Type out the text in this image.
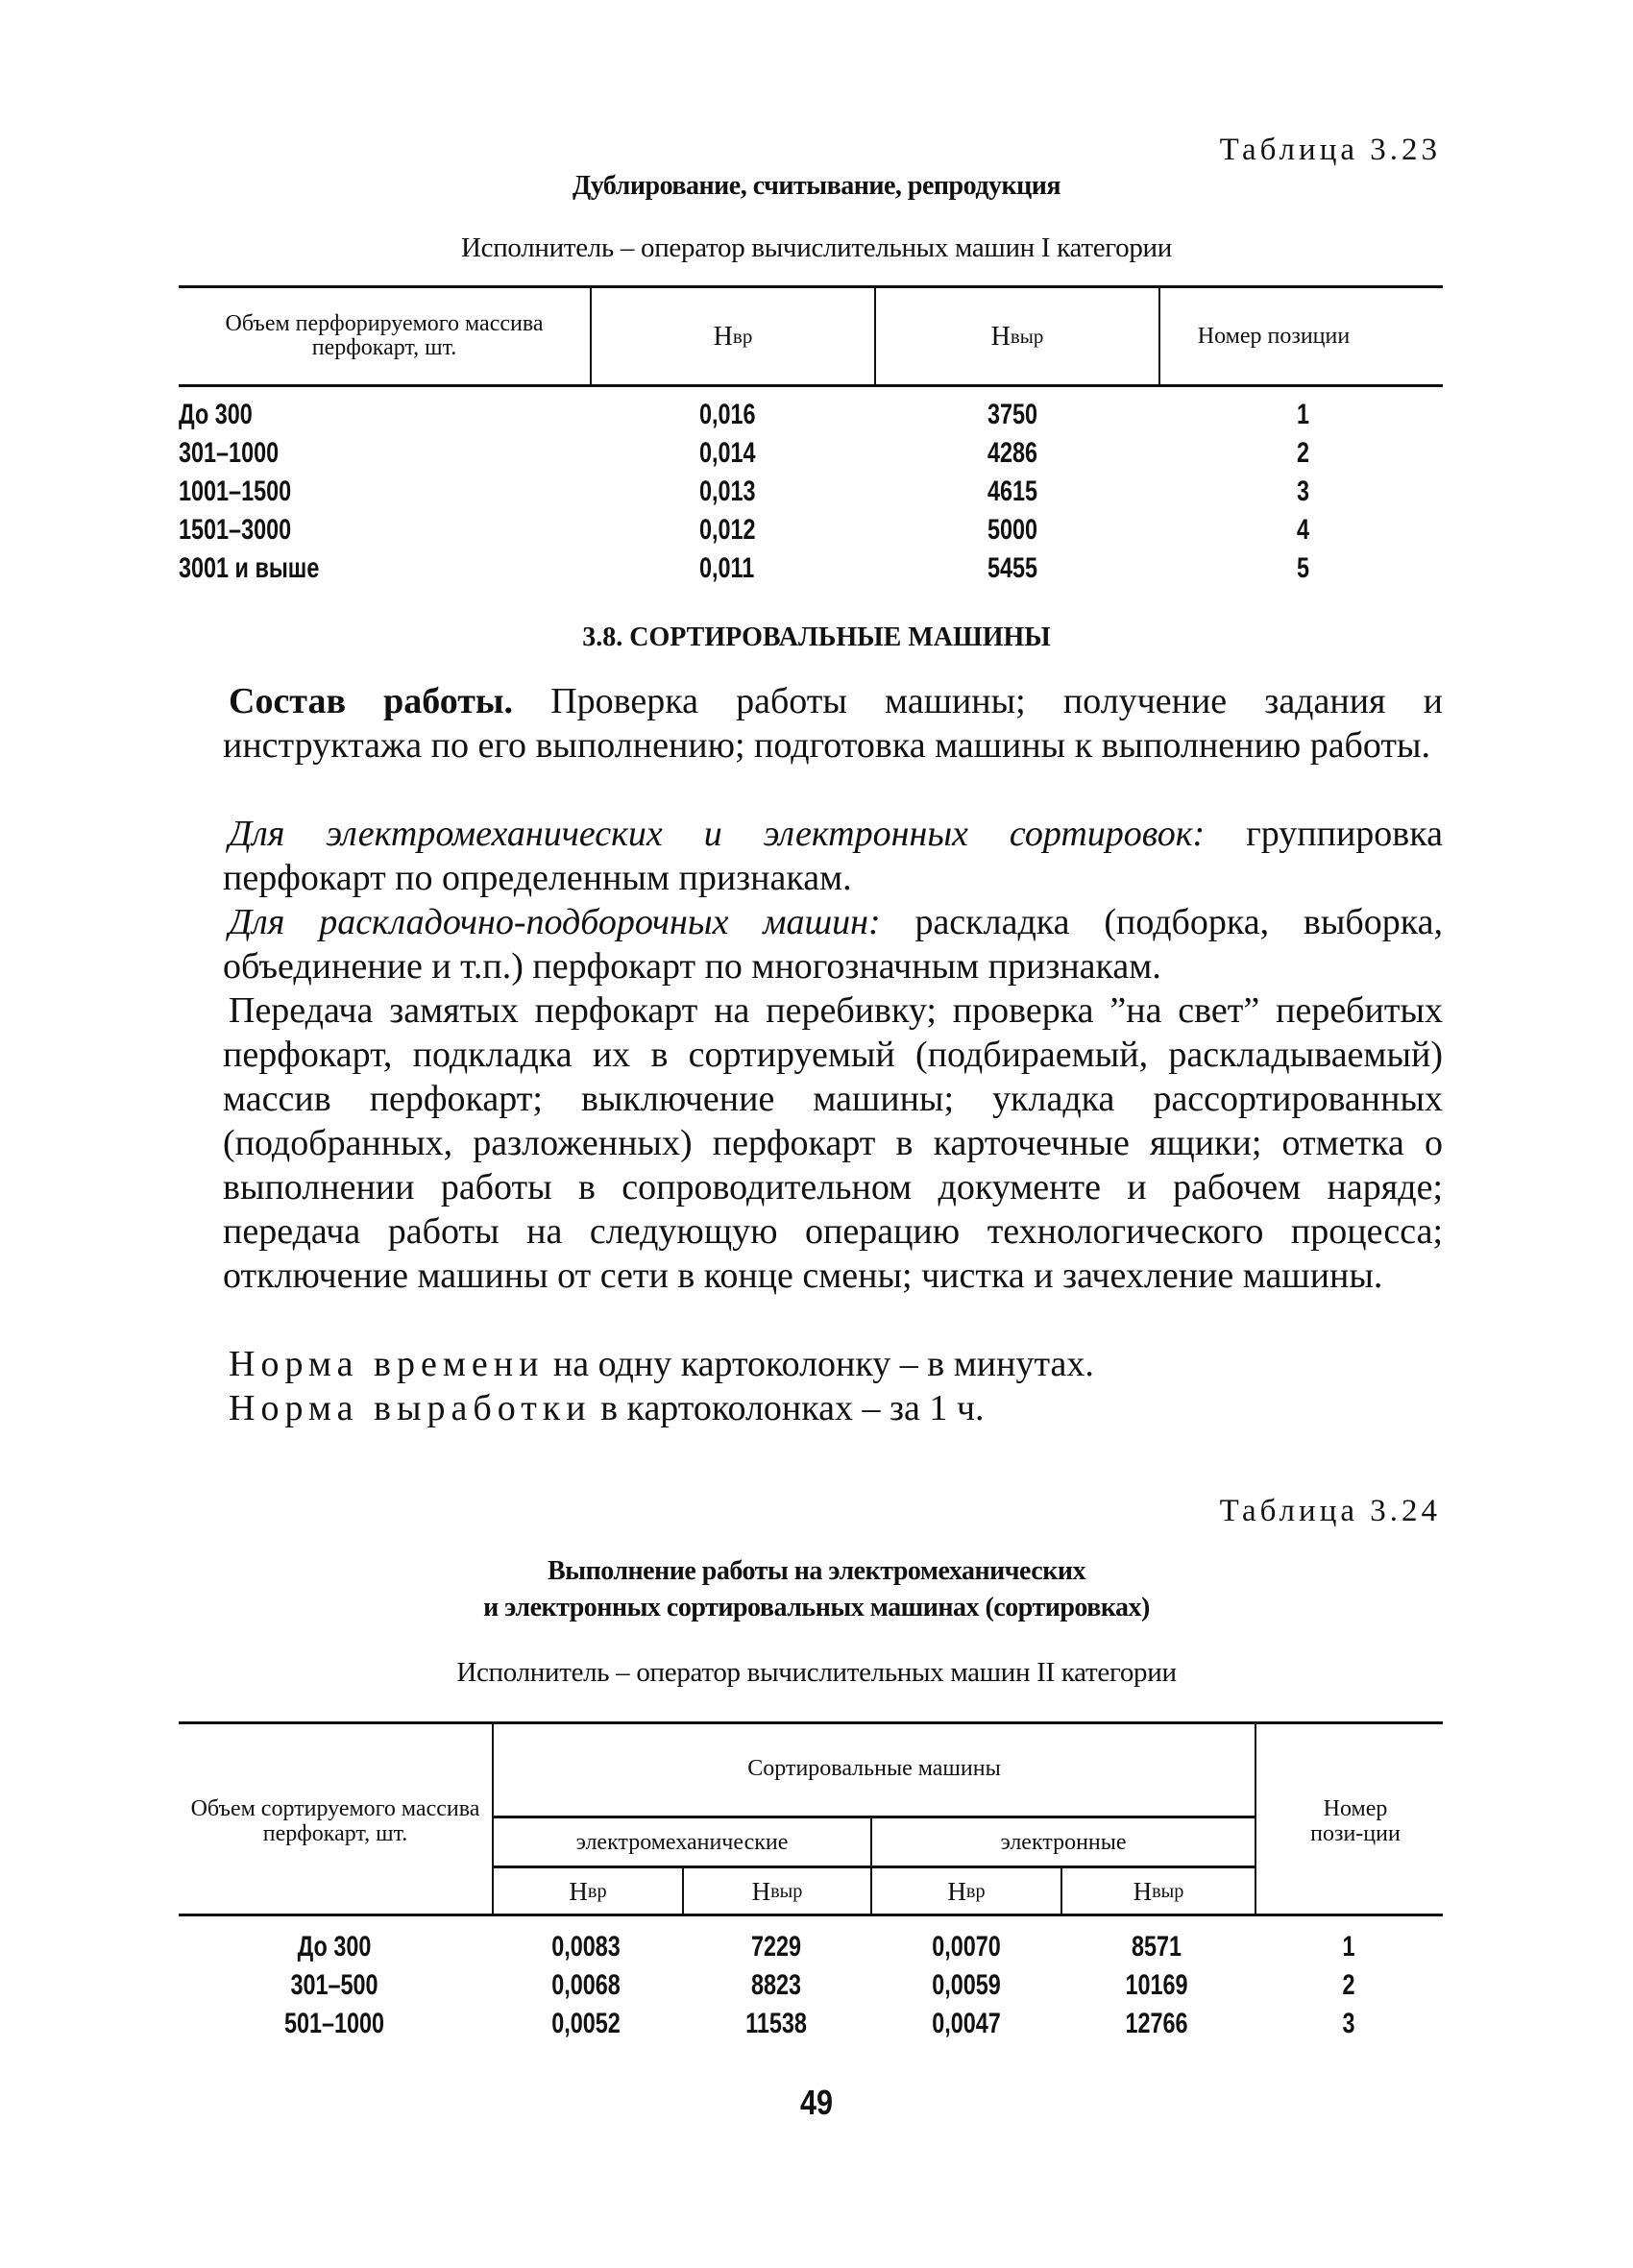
Таблица 3.23
Дублирование, считывание, репродукция
Исполнитель – оператор вычислительных машин I категории
Объем перфорируемого массива перфокарт, шт.	Н вр	Н выр	Номер позиции
До 300	0,016	3750	1
301–1000	0,014	4286	2
1001–1500	0,013	4615	3
1501–3000	0,012	5000	4
3001 и выше	0,011	5455	5
3.8. СОРТИРОВАЛЬНЫЕ МАШИНЫ
Состав работы. Проверка работы машины; получение задания и инструктажа по его выполнению; подготовка машины к выполнению работы.
Для электромеханических и электронных сортировок: группировка перфокарт по определенным признакам.
Для раскладочно-подборочных машин: раскладка (подборка, выборка, объединение и т.п.) перфокарт по многозначным признакам.
Передача замятых перфокарт на перебивку; проверка ”на свет” перебитых перфокарт, подкладка их в сортируемый (подбираемый, раскладываемый) массив перфокарт; выключение машины; укладка рассортированных (подобранных, разложенных) перфокарт в карточечные ящики; отметка о выполнении работы в сопроводительном документе и рабочем наряде; передача работы на следующую операцию технологического процесса; отключение машины от сети в конце смены; чистка и зачехление машины.
Норма времени на одну картоколонку – в минутах.
Норма выработки в картоколонках – за 1 ч.
Таблица 3.24
Выполнение работы на электромеханических
и электронных сортировальных машинах (сортировках)
Исполнитель – оператор вычислительных машин II категории
Объем сортируемого массива перфокарт, шт.
Сортировальные машины
электромеханические	электронные
Н вр	Н выр	Н вр	Н выр
Номер пози-ции
До 300	0,0083	7229	0,0070	8571	1
301–500	0,0068	8823	0,0059	10169	2
501–1000	0,0052	11538	0,0047	12766	3
49
